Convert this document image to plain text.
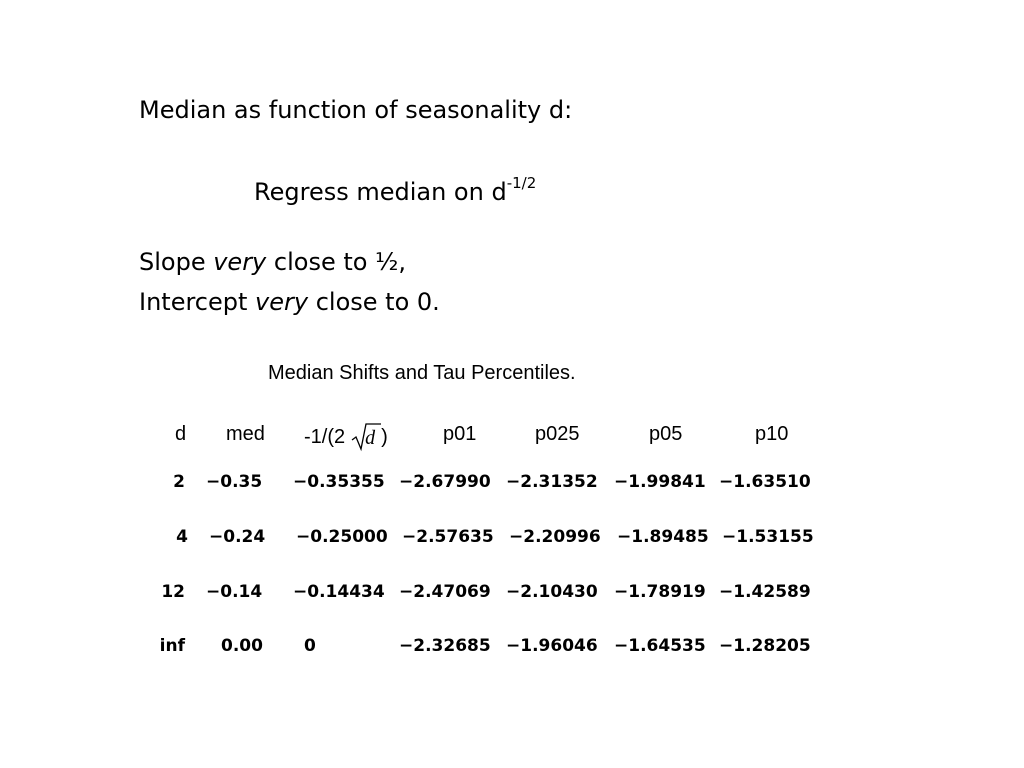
Median as function of seasonality d:
Regress median on $d^{-1/2}$
Slope very close to ½,
Intercept very close to 0.
Median Shifts and Tau Percentiles.
d med -1/(2 d )	p01	p025	p05	p10
2 −0.35 −0.35355 −2.67990 −2.31352 −1.99841 −1.63510
4 −0.24 −0.25000 −2.57635 −2.20996 −1.89485 −1.53155
12 −0.14 −0.14434 −2.47069 −2.10430 −1.78919 −1.42589
inf 0.00 0	−2.32685 −1.96046 −1.64535 −1.28205
